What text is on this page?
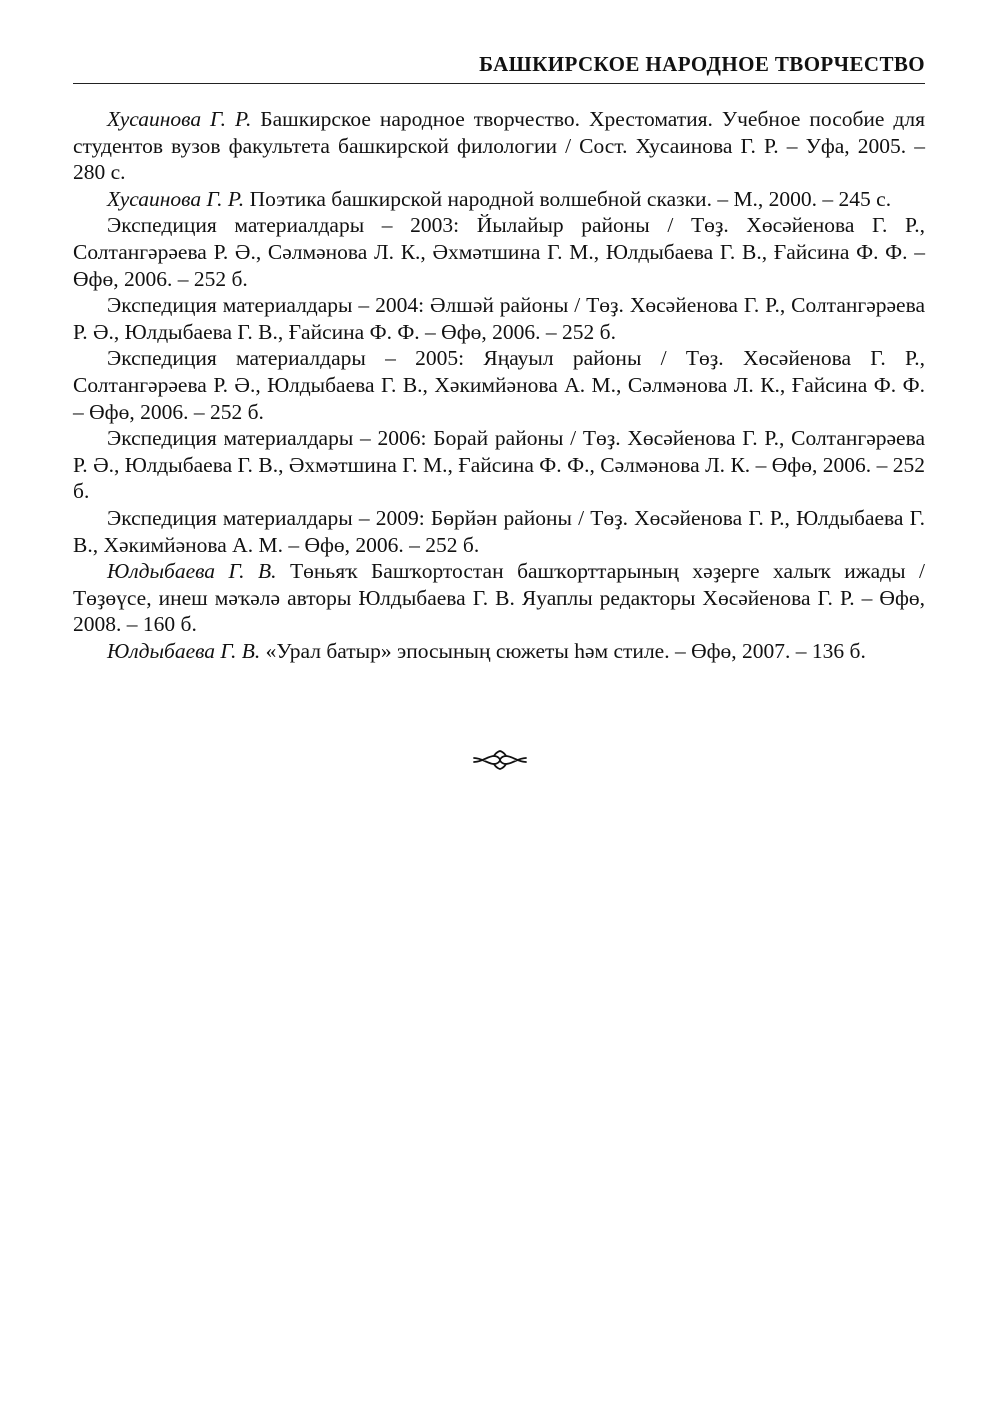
БАШКИРСКОЕ НАРОДНОЕ ТВОРЧЕСТВО

Хусаинова Г. Р. Башкирское народное творчество. Хрестоматия. Учебное пособие для студентов вузов факультета башкирской филологии / Сост. Хусаинова Г. Р. – Уфа, 2005. – 280 с.

Хусаинова Г. Р. Поэтика башкирской народной волшебной сказки. – М., 2000. – 245 с.

Экспедиция материалдары – 2003: Йылайыр районы / Төҙ. Хөсәйенова Г. Р., Солтангәрәева Р. Ә., Сәлмәнова Л. К., Әхмәтшина Г. М., Юлдыбаева Г. В., Ғайсина Ф. Ф. – Өфө, 2006. – 252 б.

Экспедиция материалдары – 2004: Әлшәй районы / Төҙ. Хөсәйенова Г. Р., Солтангәрәева Р. Ә., Юлдыбаева Г. В., Ғайсина Ф. Ф. – Өфө, 2006. – 252 б.

Экспедиция материалдары – 2005: Яңауыл районы / Төҙ. Хөсәйенова Г. Р., Солтангәрәева Р. Ә., Юлдыбаева Г. В., Хәкимйәнова А. М., Сәлмәнова Л. К., Ғайсина Ф. Ф. – Өфө, 2006. – 252 б.

Экспедиция материалдары – 2006: Борай районы / Төҙ. Хөсәйенова Г. Р., Солтангәрәева Р. Ә., Юлдыбаева Г. В., Әхмәтшина Г. М., Ғайсина Ф. Ф., Сәлмәнова Л. К. – Өфө, 2006. – 252 б.

Экспедиция материалдары – 2009: Бөрйән районы / Төҙ. Хөсәйенова Г. Р., Юлдыбаева Г. В., Хәкимйәнова А. М. – Өфө, 2006. – 252 б.

Юлдыбаева Г. В. Төньяҡ Башҡортостан башҡорттарының хәҙерге халыҡ ижады / Төҙөүсе, инеш мәҡәлә авторы Юлдыбаева Г. В. Яуаплы редакторы Хөсәйенова Г. Р. – Өфө, 2008. – 160 б.

Юлдыбаева Г. В. «Урал батыр» эпосының сюжеты һәм стиле. – Өфө, 2007. – 136 б.
